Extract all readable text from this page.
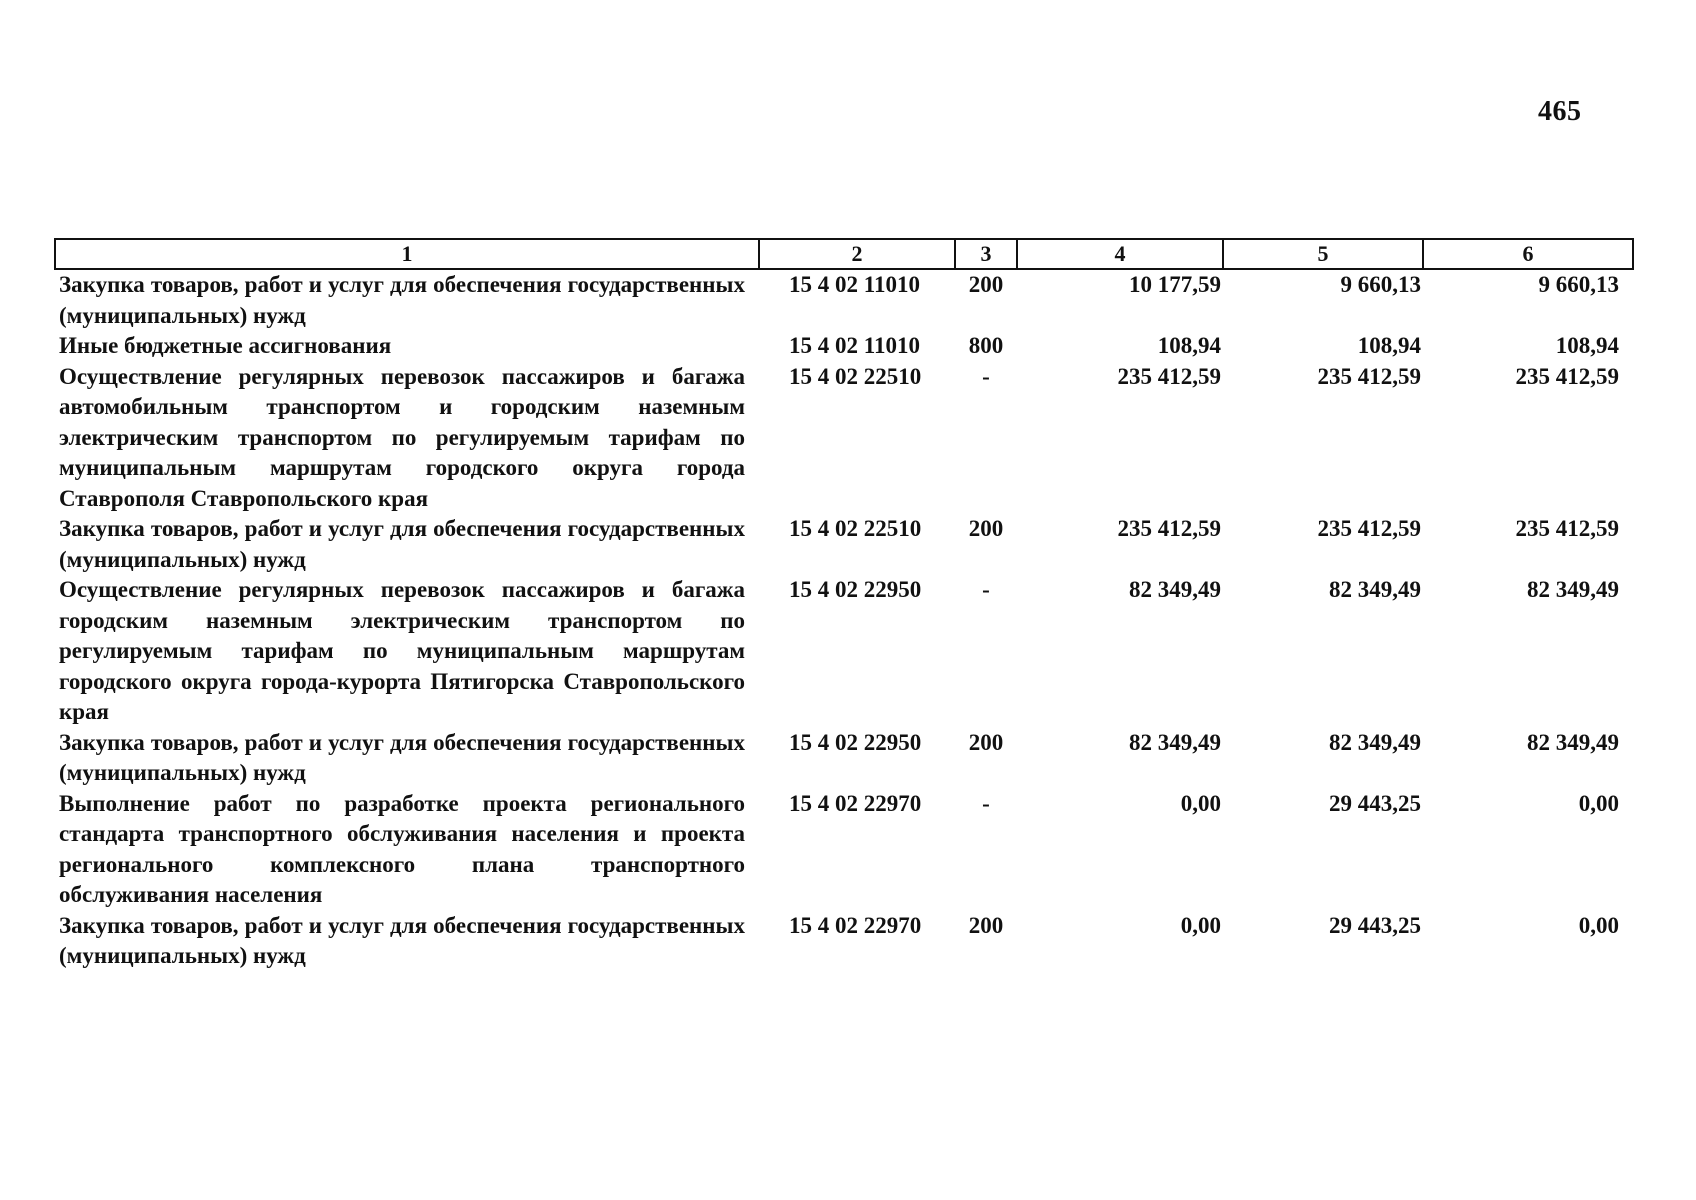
465
1	2	3	4	5	6
Закупка товаров, работ и услуг для обеспечения государственных (муниципальных) нужд	15 4 02 11010	200	10 177,59	9 660,13	9 660,13
Иные бюджетные ассигнования	15 4 02 11010	800	108,94	108,94	108,94
Осуществление регулярных перевозок пассажиров и багажа автомобильным транспортом и городским наземным электрическим транспортом по регулируемым тарифам по муниципальным маршрутам городского округа города Ставрополя Ставропольского края	15 4 02 22510	-	235 412,59	235 412,59	235 412,59
Закупка товаров, работ и услуг для обеспечения государственных (муниципальных) нужд	15 4 02 22510	200	235 412,59	235 412,59	235 412,59
Осуществление регулярных перевозок пассажиров и багажа городским наземным электрическим транспортом по регулируемым тарифам по муниципальным маршрутам городского округа города-курорта Пятигорска Ставропольского края	15 4 02 22950	-	82 349,49	82 349,49	82 349,49
Закупка товаров, работ и услуг для обеспечения государственных (муниципальных) нужд	15 4 02 22950	200	82 349,49	82 349,49	82 349,49
Выполнение работ по разработке проекта регионального стандарта транспортного обслуживания населения и проекта регионального комплексного плана транспортного обслуживания населения	15 4 02 22970	-	0,00	29 443,25	0,00
Закупка товаров, работ и услуг для обеспечения государственных (муниципальных) нужд	15 4 02 22970	200	0,00	29 443,25	0,00
